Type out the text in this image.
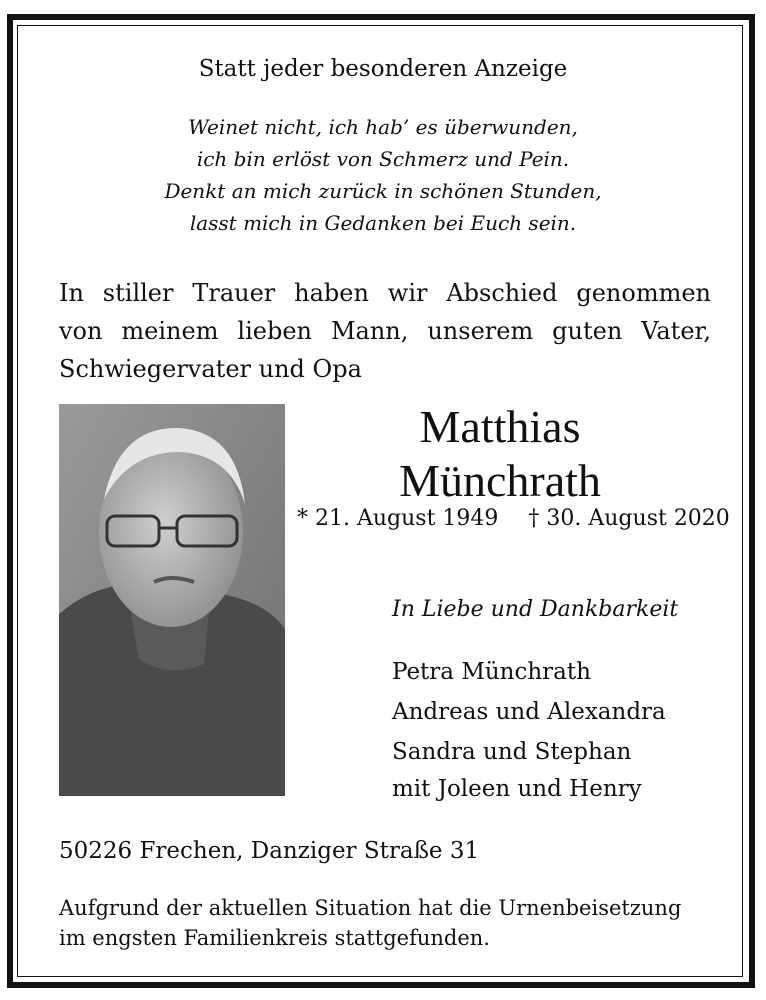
Statt jeder besonderen Anzeige
Weinet nicht, ich hab’ es überwunden,
ich bin erlöst von Schmerz und Pein.
Denkt an mich zurück in schönen Stunden,
lasst mich in Gedanken bei Euch sein.
In stiller Trauer haben wir Abschied genommen
von meinem lieben Mann, unserem guten Vater,
Schwiegervater und Opa
Matthias
Münchrath
* 21. August 1949 † 30. August 2020
In Liebe und Dankbarkeit
Petra Münchrath
Andreas und Alexandra
Sandra und Stephan
mit Joleen und Henry
50226 Frechen, Danziger Straße 31
Aufgrund der aktuellen Situation hat die Urnenbeisetzung
im engsten Familienkreis stattgefunden.
